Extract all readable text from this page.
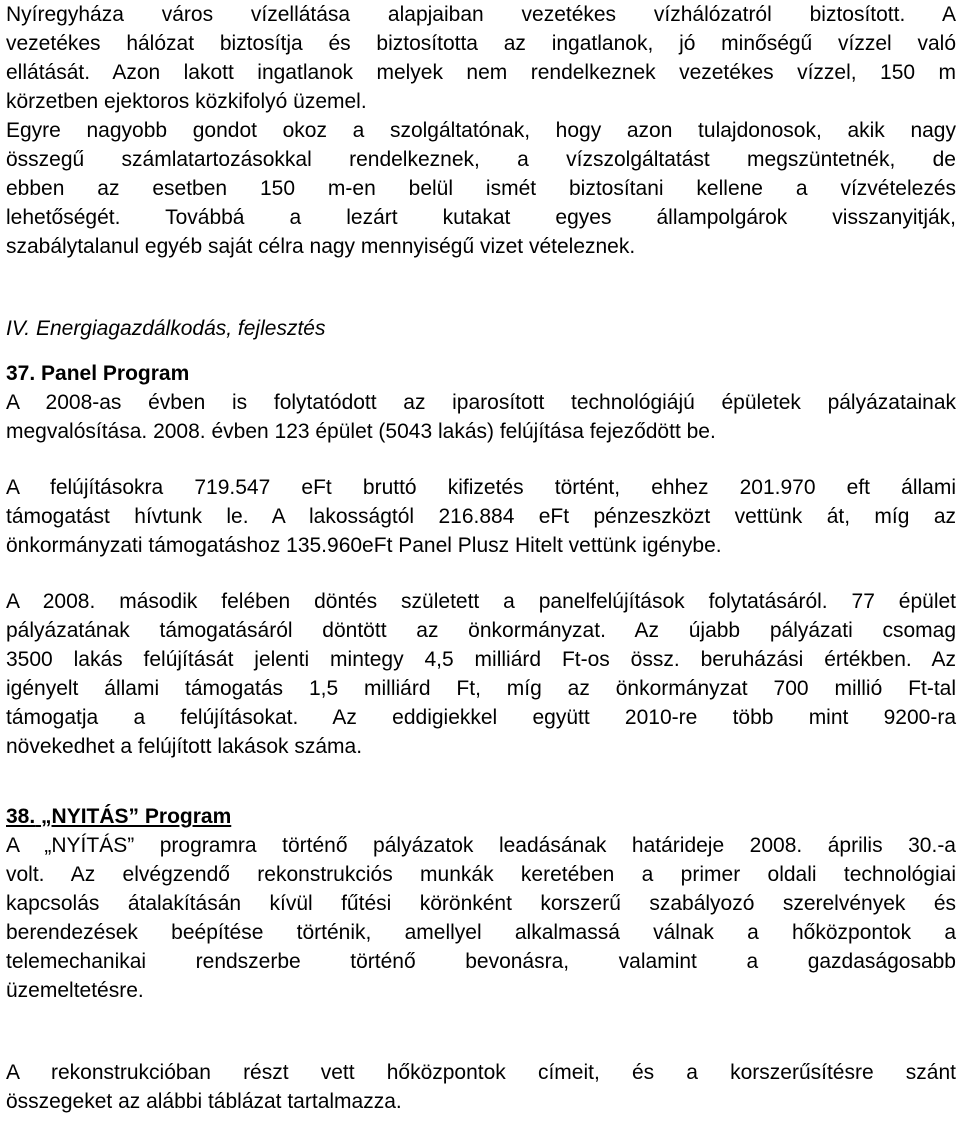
Nyíregyháza város vízellátása alapjaiban vezetékes vízhálózatról biztosított. A
vezetékes hálózat biztosítja és biztosította az ingatlanok, jó minőségű vízzel való
ellátását. Azon lakott ingatlanok melyek nem rendelkeznek vezetékes vízzel, 150 m
körzetben ejektoros közkifolyó üzemel.
Egyre nagyobb gondot okoz a szolgáltatónak, hogy azon tulajdonosok, akik nagy
összegű számlatartozásokkal rendelkeznek, a vízszolgáltatást megszüntetnék, de
ebben az esetben 150 m-en belül ismét biztosítani kellene a vízvételezés
lehetőségét. Továbbá a lezárt kutakat egyes állampolgárok visszanyitják,
szabálytalanul egyéb saját célra nagy mennyiségű vizet vételeznek.

IV. Energiagazdálkodás, fejlesztés

37. Panel Program

A 2008-as évben is folytatódott az iparosított technológiájú épületek pályázatainak
megvalósítása. 2008. évben 123 épület (5043 lakás) felújítása fejeződött be.
A felújításokra 719.547 eFt bruttó kifizetés történt, ehhez 201.970 eft állami
támogatást hívtunk le. A lakosságtól 216.884 eFt pénzeszközt vettünk át, míg az
önkormányzati támogatáshoz 135.960eFt Panel Plusz Hitelt vettünk igénybe.
A 2008. második felében döntés született a panelfelújítások folytatásáról. 77 épület
pályázatának támogatásáról döntött az önkormányzat. Az újabb pályázati csomag
3500 lakás felújítását jelenti mintegy 4,5 milliárd Ft-os össz. beruházási értékben. Az
igényelt állami támogatás 1,5 milliárd Ft, míg az önkormányzat 700 millió Ft-tal
támogatja a felújításokat. Az eddigiekkel együtt 2010-re több mint 9200-ra
növekedhet a felújított lakások száma.

38. „NYITÁS” Program

A „NYÍTÁS” programra történő pályázatok leadásának határideje 2008. április 30.-a
volt. Az elvégzendő rekonstrukciós munkák keretében a primer oldali technológiai
kapcsolás átalakításán kívül fűtési körönként korszerű szabályozó szerelvények és
berendezések beépítése történik, amellyel alkalmassá válnak a hőközpontok a
telemechanikai rendszerbe történő bevonásra, valamint a gazdaságosabb
üzemeltetésre.
A rekonstrukcióban részt vett hőközpontok címeit, és a korszerűsítésre szánt
összegeket az alábbi táblázat tartalmazza.
